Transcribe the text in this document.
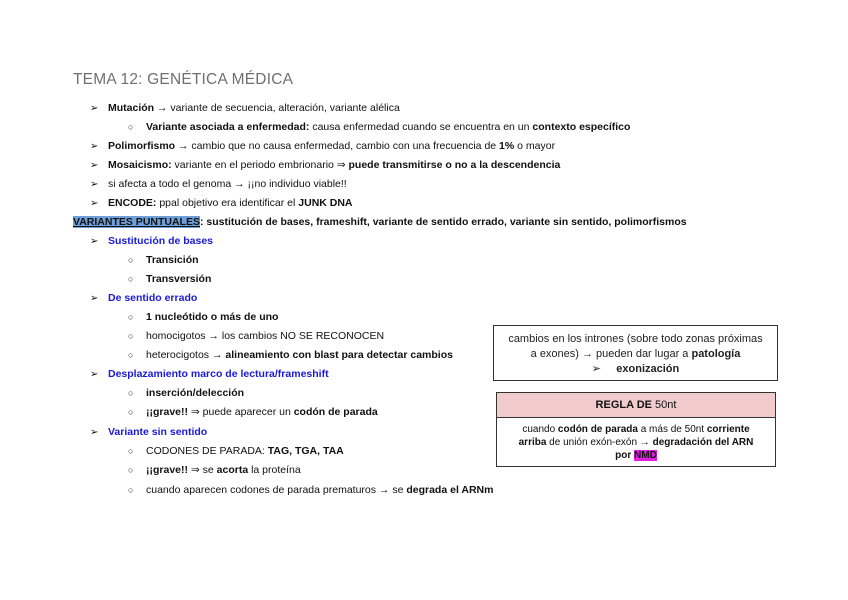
TEMA 12: GENÉTICA MÉDICA
➢ Mutación → variante de secuencia, alteración, variante alélica
○ Variante asociada a enfermedad: causa enfermedad cuando se encuentra en un contexto específico
➢ Polimorfismo → cambio que no causa enfermedad, cambio con una frecuencia de 1% o mayor
➢ Mosaicismo: variante en el periodo embrionario ⇒ puede transmitirse o no a la descendencia
➢ si afecta a todo el genoma → ¡¡no individuo viable!!
➢ ENCODE: ppal objetivo era identificar el JUNK DNA
VARIANTES PUNTUALES: sustitución de bases, frameshift, variante de sentido errado, variante sin sentido, polimorfismos
➢ Sustitución de bases
○ Transición
○ Transversión
➢ De sentido errado
○ 1 nucleótido o más de uno
○ homocigotos → los cambios NO SE RECONOCEN
○ heterocigotos → alineamiento con blast para detectar cambios
➢ Desplazamiento marco de lectura/frameshift
○ inserción/delección
○ ¡¡grave!! ⇒ puede aparecer un codón de parada
➢ Variante sin sentido
○ CODONES DE PARADA: TAG, TGA, TAA
○ ¡¡grave!! ⇒ se acorta la proteína
○ cuando aparecen codones de parada prematuros → se degrada el ARNm
cambios en los intrones (sobre todo zonas próximas
a exones) → pueden dar lugar a patología
➢ exonización
REGLA DE 50nt
cuando codón de parada a más de 50nt corriente
arriba de unión exón-exón → degradación del ARN
por NMD
